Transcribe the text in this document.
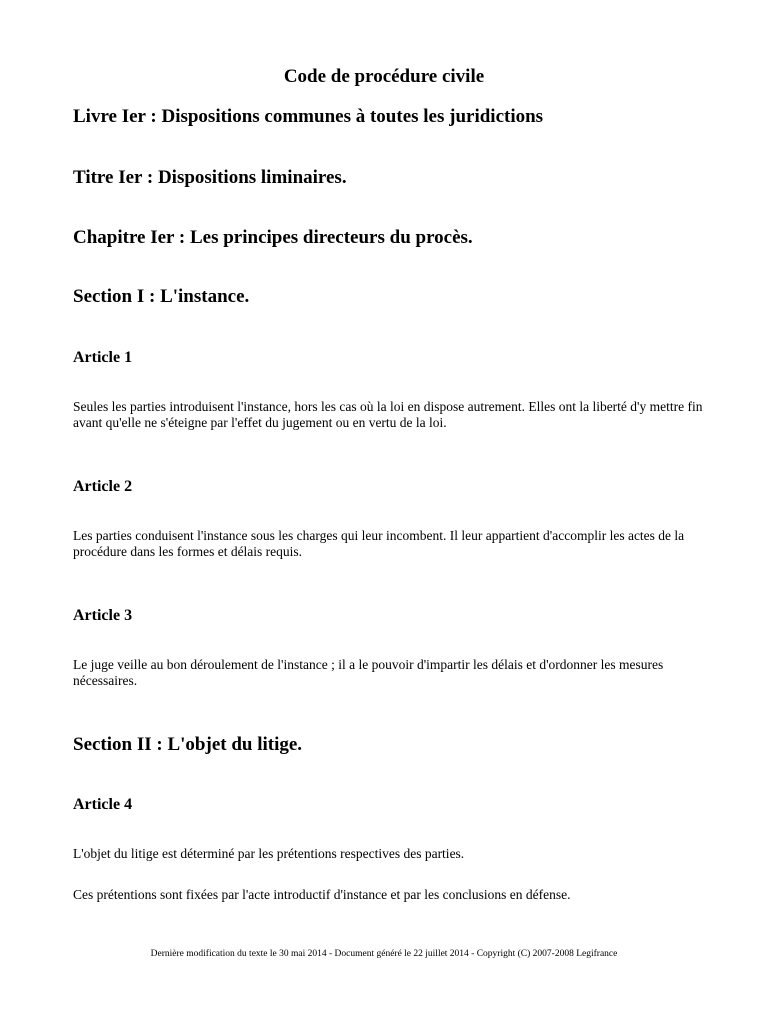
Code de procédure civile
Livre Ier : Dispositions communes à toutes les juridictions
Titre Ier : Dispositions liminaires.
Chapitre Ier : Les principes directeurs du procès.
Section I : L'instance.
Article 1
Seules les parties introduisent l'instance, hors les cas où la loi en dispose autrement. Elles ont la liberté d'y mettre fin avant qu'elle ne s'éteigne par l'effet du jugement ou en vertu de la loi.
Article 2
Les parties conduisent l'instance sous les charges qui leur incombent. Il leur appartient d'accomplir les actes de la procédure dans les formes et délais requis.
Article 3
Le juge veille au bon déroulement de l'instance ; il a le pouvoir d'impartir les délais et d'ordonner les mesures nécessaires.
Section II : L'objet du litige.
Article 4
L'objet du litige est déterminé par les prétentions respectives des parties.
Ces prétentions sont fixées par l'acte introductif d'instance et par les conclusions en défense.
Dernière modification du texte le 30 mai 2014 - Document généré le 22 juillet 2014 - Copyright (C) 2007-2008 Legifrance
